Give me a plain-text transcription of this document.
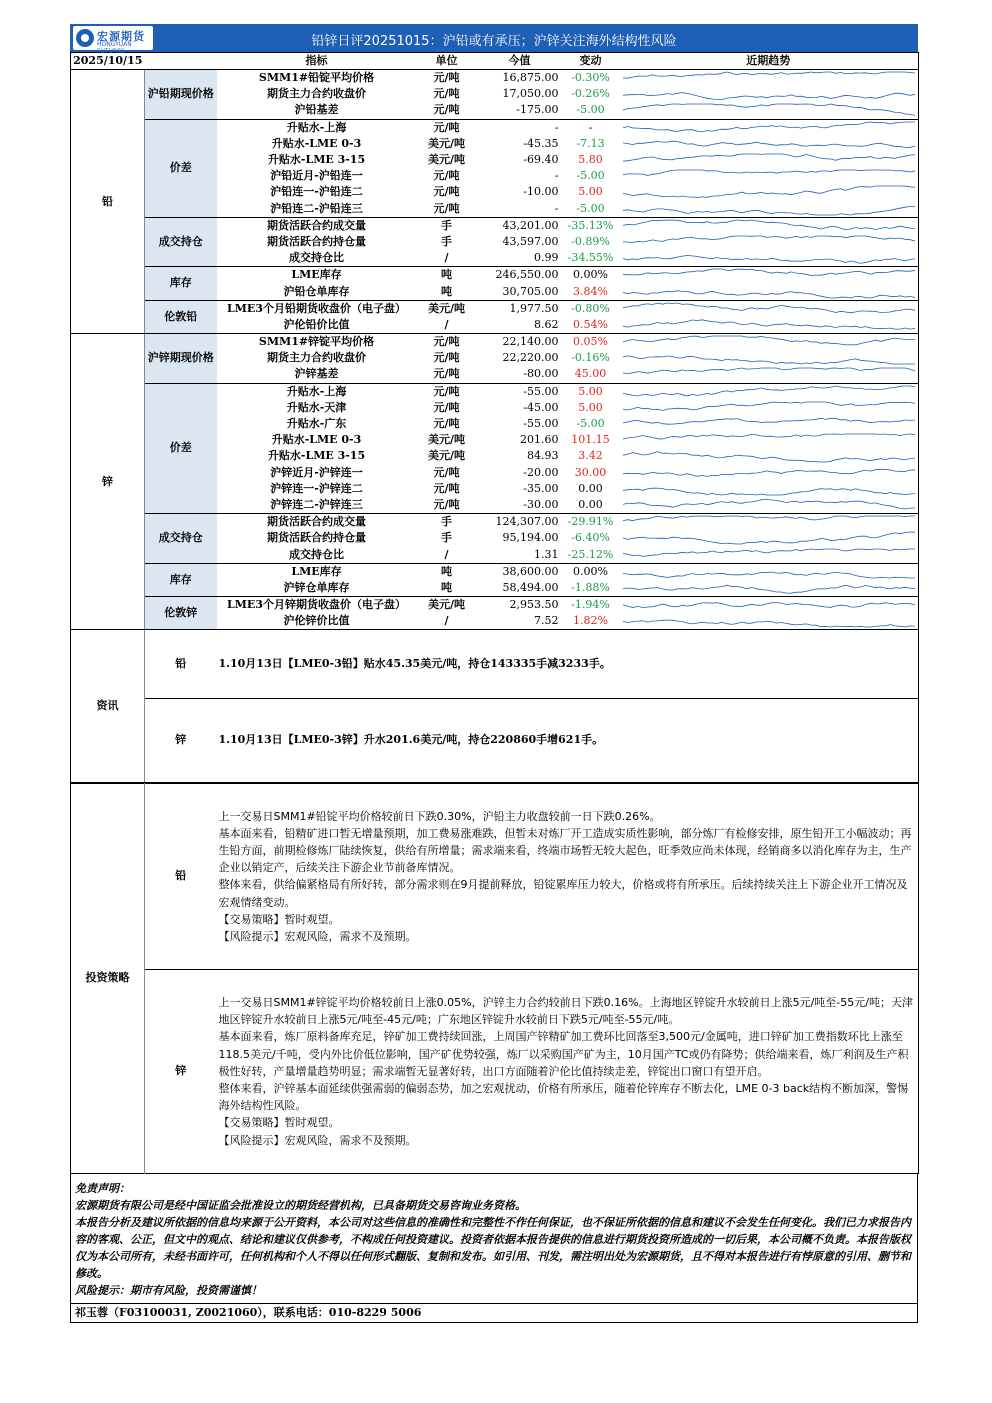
宏源期货
HONGYUAN FUTURES
铅锌日评20251015：沪铅或有承压；沪锌关注海外结构性风险
2025/10/15		指标	单位	今值	变动	近期趋势
铅	沪铅期现价格	SMM1#铅锭平均价格	元/吨	16,875.00	-0.30%	

		期货主力合约收盘价	元/吨	17,050.00	-0.26%	

		沪铅基差	元/吨	-175.00	-5.00	

	价差	升贴水-上海	元/吨	-	-	

		升贴水-LME 0-3	美元/吨	-45.35	-7.13	

		升贴水-LME 3-15	美元/吨	-69.40	5.80	

		沪铅近月-沪铅连一	元/吨	-	-5.00	

		沪铅连一-沪铅连二	元/吨	-10.00	5.00	

		沪铅连二-沪铅连三	元/吨	-	-5.00	

	成交持仓	期货活跃合约成交量	手	43,201.00	-35.13%	

		期货活跃合约持仓量	手	43,597.00	-0.89%	

		成交持仓比	/	0.99	-34.55%	

	库存	LME库存	吨	246,550.00	0.00%	

		沪铅仓单库存	吨	30,705.00	3.84%	

	伦敦铅	LME3个月铅期货收盘价（电子盘）	美元/吨	1,977.50	-0.80%	

		沪伦铅价比值	/	8.62	0.54%	

锌	沪锌期现价格	SMM1#锌锭平均价格	元/吨	22,140.00	0.05%	

		期货主力合约收盘价	元/吨	22,220.00	-0.16%	

		沪锌基差	元/吨	-80.00	45.00	

	价差	升贴水-上海	元/吨	-55.00	5.00	

		升贴水-天津	元/吨	-45.00	5.00	

		升贴水-广东	元/吨	-55.00	-5.00	

		升贴水-LME 0-3	美元/吨	201.60	101.15	

		升贴水-LME 3-15	美元/吨	84.93	3.42	

		沪锌近月-沪锌连一	元/吨	-20.00	30.00	

		沪锌连一-沪锌连二	元/吨	-35.00	0.00	

		沪锌连二-沪锌连三	元/吨	-30.00	0.00	

	成交持仓	期货活跃合约成交量	手	124,307.00	-29.91%	

		期货活跃合约持仓量	手	95,194.00	-6.40%	

		成交持仓比	/	1.31	-25.12%	

	库存	LME库存	吨	38,600.00	0.00%	

		沪锌仓单库存	吨	58,494.00	-1.88%	

	伦敦锌	LME3个月锌期货收盘价（电子盘）	美元/吨	2,953.50	-1.94%	

		沪伦锌价比值	/	7.52	1.82%	
资讯	铅	1.10月13日【LME0-3铅】贴水45.35美元/吨，持仓143335手减3233手。
	锌	1.10月13日【LME0-3锌】升水201.6美元/吨，持仓220860手增621手。
投资策略	铅	上一交易日SMM1#铅锭平均价格较前日下跌0.30%，沪铅主力收盘较前一日下跌0.26%。
基本面来看，铅精矿进口暂无增量预期，加工费易涨难跌，但暂未对炼厂开工造成实质性影响，部分炼厂有检修安排，原生铅开工小幅波动；再生铅方面，前期检修炼厂陆续恢复，供给有所增量；需求端来看，终端市场暂无较大起色，旺季效应尚未体现，经销商多以消化库存为主，生产企业以销定产，后续关注下游企业节前备库情况。
整体来看，供给偏紧格局有所好转，部分需求则在9月提前释放，铅锭累库压力较大，价格或将有所承压。后续持续关注上下游企业开工情况及宏观情绪变动。
【交易策略】暂时观望。
【风险提示】宏观风险，需求不及预期。

	锌	上一交易日SMM1#锌锭平均价格较前日上涨0.05%，沪锌主力合约较前日下跌0.16%。上海地区锌锭升水较前日上涨5元/吨至-55元/吨；天津地区锌锭升水较前日上涨5元/吨至-45元/吨；广东地区锌锭升水较前日下跌5元/吨至-55元/吨。
基本面来看，炼厂原料备库充足，锌矿加工费持续回涨，上周国产锌精矿加工费环比回落至3,500元/金属吨，进口锌矿加工费指数环比上涨至118.5美元/千吨，受内外比价低位影响，国产矿优势较强，炼厂以采购国产矿为主，10月国产TC或仍有降势；供给端来看，炼厂利润及生产积极性好转，产量增量趋势明显；需求端暂无显著好转，出口方面随着沪伦比值持续走差，锌锭出口窗口有望开启。
整体来看，沪锌基本面延续供强需弱的偏弱态势，加之宏观扰动，价格有所承压，随着伦锌库存不断去化，LME 0-3 back结构不断加深，警惕海外结构性风险。
【交易策略】暂时观望。
【风险提示】宏观风险，需求不及预期。
免责声明：
宏源期货有限公司是经中国证监会批准设立的期货经营机构，已具备期货交易咨询业务资格。
本报告分析及建议所依据的信息均来源于公开资料，本公司对这些信息的准确性和完整性不作任何保证，也不保证所依据的信息和建议不会发生任何变化。我们已力求报告内容的客观、公正，但文中的观点、结论和建议仅供参考，不构成任何投资建议。投资者依据本报告提供的信息进行期货投资所造成的一切后果，本公司概不负责。本报告版权仅为本公司所有，未经书面许可，任何机构和个人不得以任何形式翻版、复制和发布。如引用、刊发，需注明出处为宏源期货，且不得对本报告进行有悖原意的引用、删节和修改。
风险提示：期市有风险，投资需谨慎！
祁玉蓉（F03100031, Z0021060），联系电话：010-8229 5006
